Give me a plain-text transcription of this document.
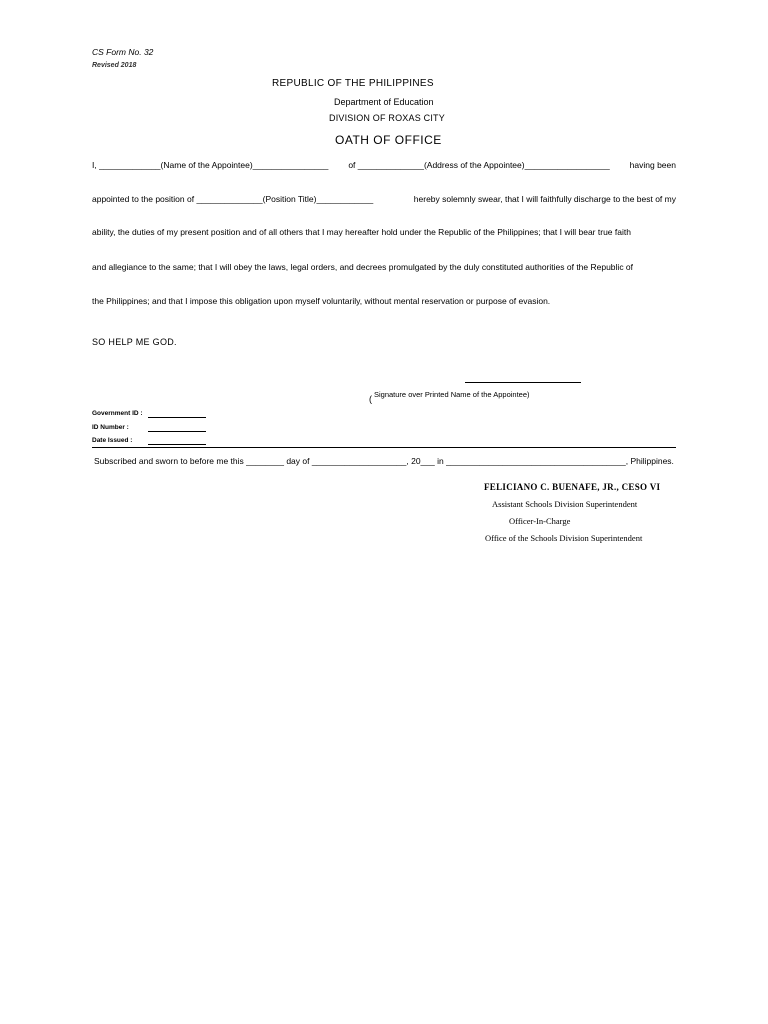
CS Form No. 32
Revised 2018
REPUBLIC OF THE PHILIPPINES
Department of Education
DIVISION OF ROXAS CITY
OATH OF OFFICE
I, _____________(Name of the Appointee)________________ of ______________(Address of the Appointee)__________________ having been
appointed to the position of ______________(Position Title)____________	hereby solemnly swear, that I will faithfully discharge to the best of my
ability, the duties of my present position and of all others that I may hereafter hold under the Republic of the Philippines; that I will bear true faith
and allegiance to the same; that I will obey the laws, legal orders, and decrees promulgated by the duly constituted authorities of the Republic of
the Philippines; and that I impose this obligation upon myself voluntarily, without mental reservation or purpose of evasion.
SO HELP ME GOD.
( Signature over Printed Name of the Appointee)
Government ID :
ID Number :
Date Issued :
Subscribed and sworn to before me this ________ day of ____________________, 20___ in ______________________________________, Philippines.
FELICIANO C. BUENAFE, JR., CESO VI
Assistant Schools Division Superintendent
Officer-In-Charge
Office of the Schools Division Superintendent
